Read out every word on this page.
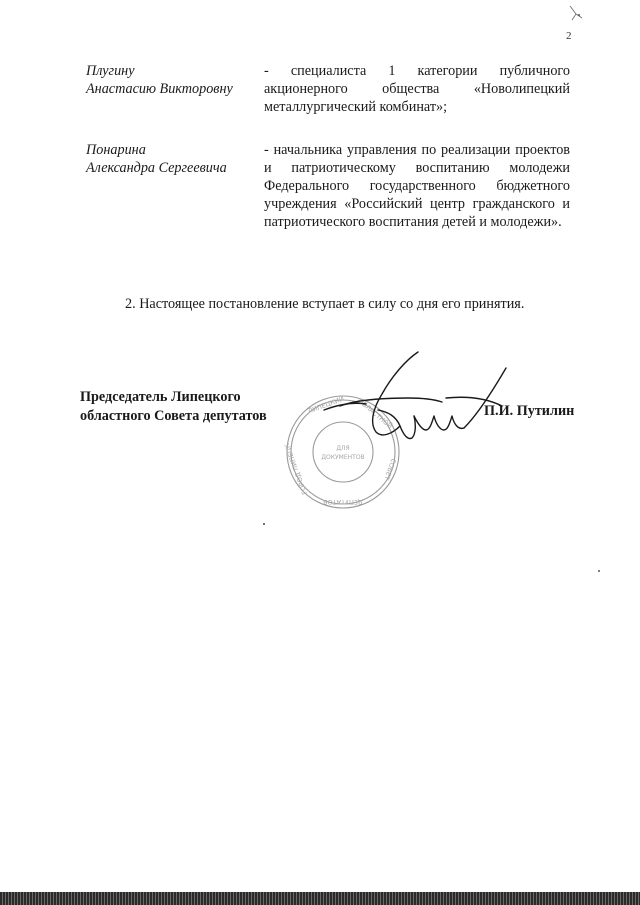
2
Плугину
Анастасию Викторовну
- специалиста 1 категории публичного акционерного общества «Новолипецкий металлургический комбинат»;
Понарина
Александра Сергеевича
- начальника управления по реализации проектов и патриотическому воспитанию молодежи Федерального государственного бюджетного учреждения «Российский центр гражданского и патриотического воспитания детей и молодежи».
2. Настоящее постановление вступает в силу со дня его принятия.
ЛИПЕЦКИЙ ОБЛАСТНОЙ
СОВЕТ
ДЕПУТАТОВ
ГОРОД ЛИПЕЦК	ДЛЯ
ДОКУМЕНТОВ
Председатель Липецкого
областного Совета депутатов	П.И. Путилин
